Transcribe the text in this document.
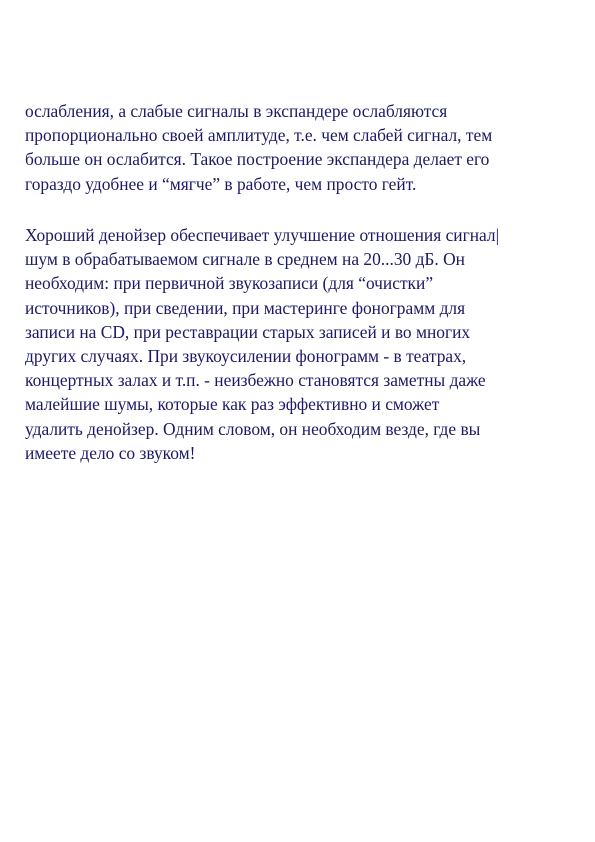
ослабления, а слабые сигналы в экспандере ослабляются
пропорционально своей амплитуде, т.е. чем слабей сигнал, тем
больше он ослабится. Такое построение экспандера делает его
гораздо удобнее и “мягче” в работе, чем просто гейт.
Хороший денойзер обеспечивает улучшение отношения сигнал|
шум в обрабатываемом сигнале в среднем на 20...30 дБ. Он
необходим: при первичной звукозаписи (для “очистки”
источников), при сведении, при мастеринге фонограмм для
записи на CD, при реставрации старых записей и во многих
других случаях. При звукоусилении фонограмм - в театрах,
концертных залах и т.п. - неизбежно становятся заметны даже
малейшие шумы, которые как раз эффективно и сможет
удалить денойзер. Одним словом, он необходим везде, где вы
имеете дело со звуком!
